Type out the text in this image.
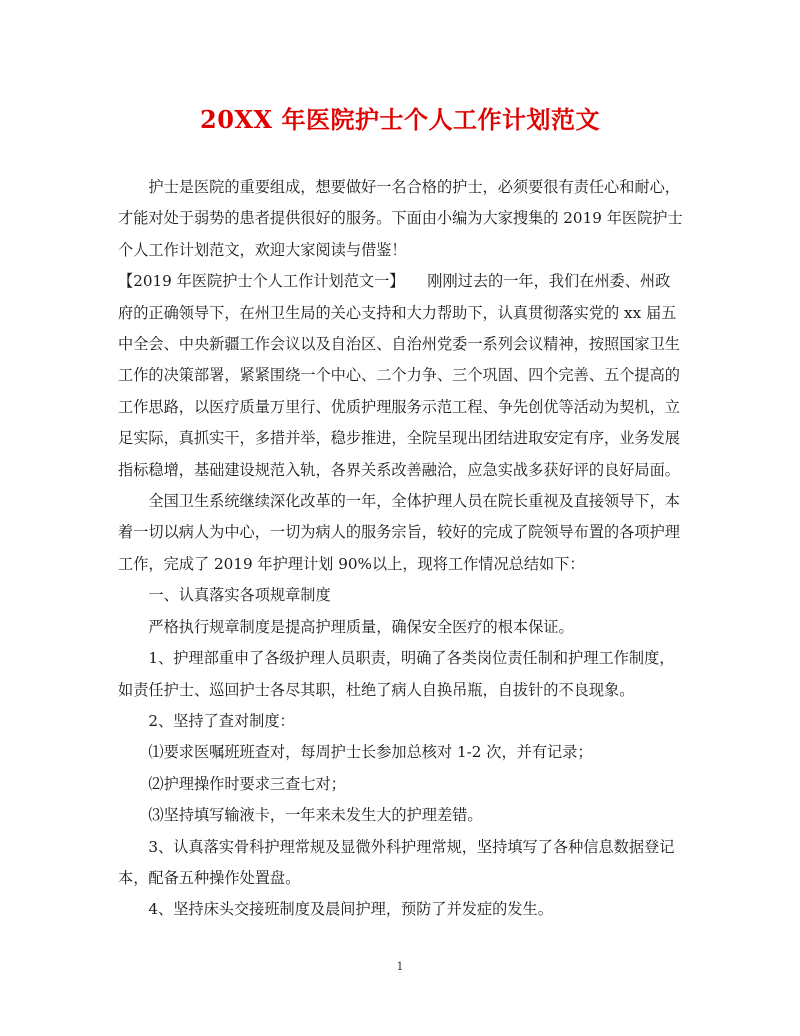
20XX 年医院护士个人工作计划范文

护士是医院的重要组成，想要做好一名合格的护士，必须要很有责任心和耐心，才能对处于弱势的患者提供很好的服务。下面由小编为大家搜集的 2019 年医院护士个人工作计划范文，欢迎大家阅读与借鉴！

【2019 年医院护士个人工作计划范文一】　　刚刚过去的一年，我们在州委、州政府的正确领导下，在州卫生局的关心支持和大力帮助下，认真贯彻落实党的 xx 届五中全会、中央新疆工作会议以及自治区、自治州党委一系列会议精神，按照国家卫生工作的决策部署，紧紧围绕一个中心、二个力争、三个巩固、四个完善、五个提高的工作思路，以医疗质量万里行、优质护理服务示范工程、争先创优等活动为契机，立足实际，真抓实干，多措并举，稳步推进，全院呈现出团结进取安定有序，业务发展指标稳增，基础建设规范入轨，各界关系改善融洽，应急实战多获好评的良好局面。

全国卫生系统继续深化改革的一年，全体护理人员在院长重视及直接领导下，本着一切以病人为中心，一切为病人的服务宗旨，较好的完成了院领导布置的各项护理工作，完成了 2019 年护理计划 90%以上，现将工作情况总结如下：

一、认真落实各项规章制度

严格执行规章制度是提高护理质量，确保安全医疗的根本保证。

1、护理部重申了各级护理人员职责，明确了各类岗位责任制和护理工作制度，如责任护士、巡回护士各尽其职，杜绝了病人自换吊瓶，自拔针的不良现象。

2、坚持了查对制度：

⑴要求医嘱班班查对，每周护士长参加总核对 1-2 次，并有记录；

⑵护理操作时要求三查七对；

⑶坚持填写输液卡，一年来未发生大的护理差错。

3、认真落实骨科护理常规及显微外科护理常规，坚持填写了各种信息数据登记本，配备五种操作处置盘。

4、坚持床头交接班制度及晨间护理，预防了并发症的发生。

1
